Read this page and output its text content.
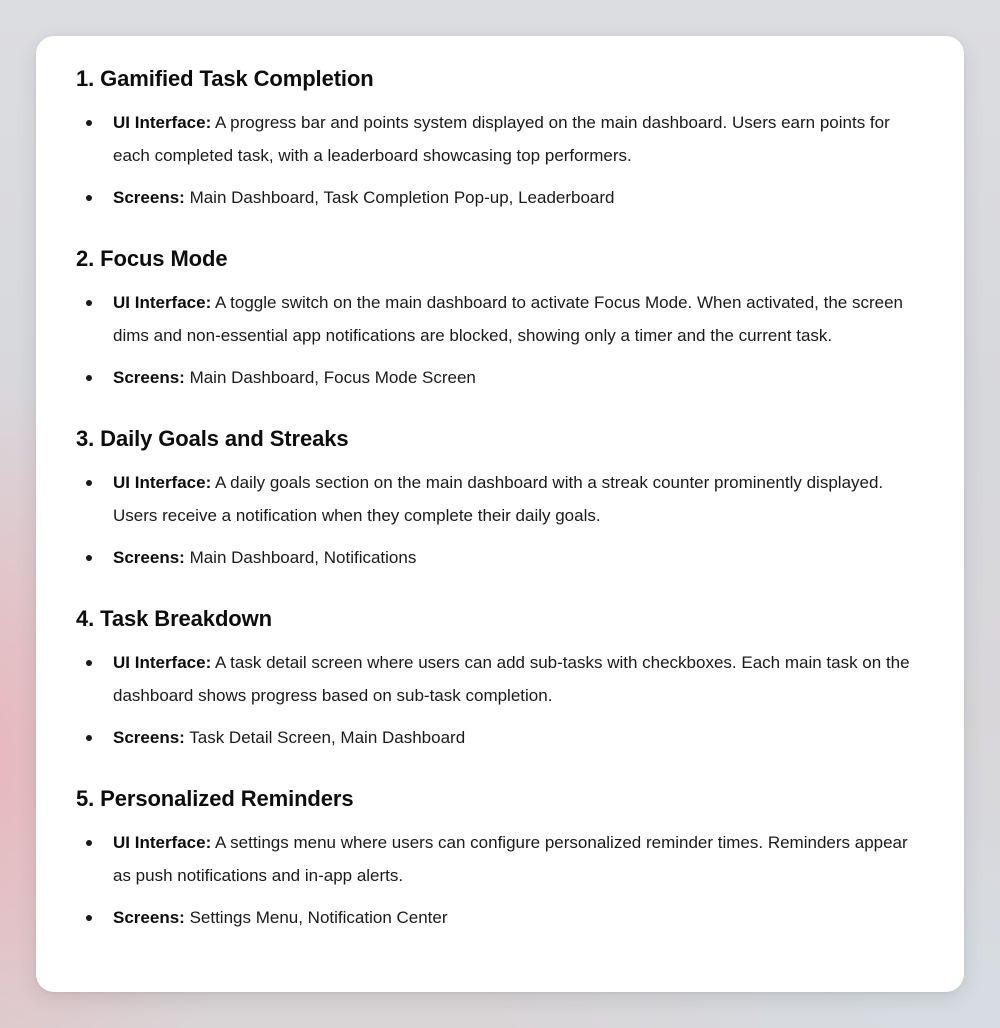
1. Gamified Task Completion
UI Interface: A progress bar and points system displayed on the main dashboard. Users earn points for each completed task, with a leaderboard showcasing top performers.
Screens: Main Dashboard, Task Completion Pop-up, Leaderboard
2. Focus Mode
UI Interface: A toggle switch on the main dashboard to activate Focus Mode. When activated, the screen dims and non-essential app notifications are blocked, showing only a timer and the current task.
Screens: Main Dashboard, Focus Mode Screen
3. Daily Goals and Streaks
UI Interface: A daily goals section on the main dashboard with a streak counter prominently displayed. Users receive a notification when they complete their daily goals.
Screens: Main Dashboard, Notifications
4. Task Breakdown
UI Interface: A task detail screen where users can add sub-tasks with checkboxes. Each main task on the dashboard shows progress based on sub-task completion.
Screens: Task Detail Screen, Main Dashboard
5. Personalized Reminders
UI Interface: A settings menu where users can configure personalized reminder times. Reminders appear as push notifications and in-app alerts.
Screens: Settings Menu, Notification Center
